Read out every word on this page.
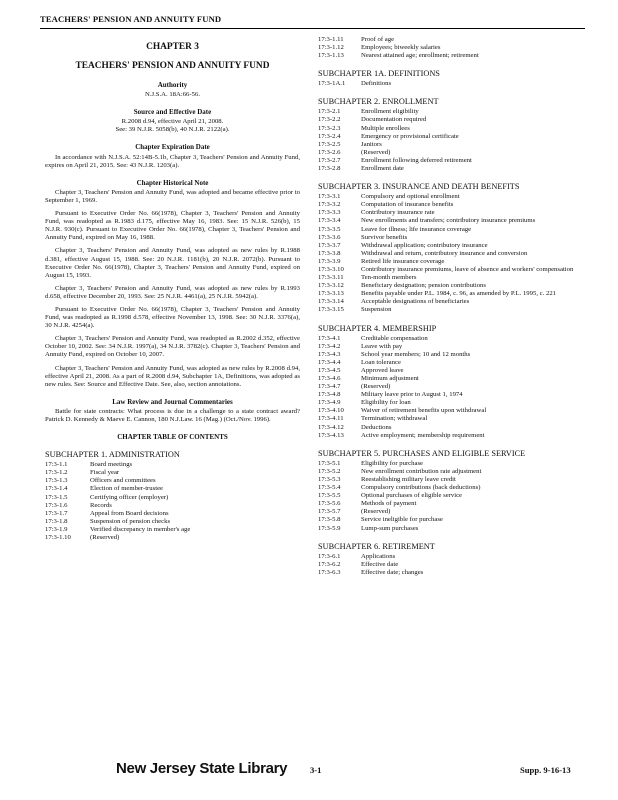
TEACHERS' PENSION AND ANNUITY FUND
CHAPTER 3
TEACHERS' PENSION AND ANNUITY FUND
Authority
N.J.S.A. 18A:66-56.
Source and Effective Date
R.2008 d.94, effective April 21, 2008.
See: 39 N.J.R. 5058(b), 40 N.J.R. 2122(a).
Chapter Expiration Date
In accordance with N.J.S.A. 52:14B-5.1b, Chapter 3, Teachers' Pension and Annuity Fund, expires on April 21, 2015. See: 43 N.J.R. 1203(a).
Chapter Historical Note
Chapter 3, Teachers' Pension and Annuity Fund, was adopted and became effective prior to September 1, 1969.
Pursuant to Executive Order No. 66(1978), Chapter 3, Teachers' Pension and Annuity Fund, was readopted as R.1983 d.175, effective May 16, 1983. See: 15 N.J.R. 526(b), 15 N.J.R. 930(c). Pursuant to Executive Order No. 66(1978), Chapter 3, Teachers' Pension and Annuity Fund, expired on May 16, 1988.
Chapter 3, Teachers' Pension and Annuity Fund, was adopted as new rules by R.1988 d.381, effective August 15, 1988. See: 20 N.J.R. 1181(b), 20 N.J.R. 2072(b). Pursuant to Executive Order No. 66(1978), Chapter 3, Teachers' Pension and Annuity Fund, expired on August 15, 1993.
Chapter 3, Teachers' Pension and Annuity Fund, was adopted as new rules by R.1993 d.658, effective December 20, 1993. See: 25 N.J.R. 4461(a), 25 N.J.R. 5942(a).
Pursuant to Executive Order No. 66(1978), Chapter 3, Teachers' Pension and Annuity Fund, was readopted as R.1998 d.578, effective November 13, 1998. See: 30 N.J.R. 3376(a), 30 N.J.R. 4254(a).
Chapter 3, Teachers' Pension and Annuity Fund, was readopted as R.2002 d.352, effective October 10, 2002. See: 34 N.J.R. 1997(a), 34 N.J.R. 3782(c). Chapter 3, Teachers' Pension and Annuity Fund, expired on October 10, 2007.
Chapter 3, Teachers' Pension and Annuity Fund, was adopted as new rules by R.2008 d.94, effective April 21, 2008. As a part of R.2008 d.94, Subchapter 1A, Definitions, was adopted as new rules. See: Source and Effective Date. See, also, section annotations.
Law Review and Journal Commentaries
Battle for state contracts: What process is due in a challenge to a state contract award? Patrick D. Kennedy & Maeve E. Cannon, 180 N.J.Law. 16 (Mag.) (Oct./Nov. 1996).
CHAPTER TABLE OF CONTENTS
SUBCHAPTER 1. ADMINISTRATION
17:3-1.1	Board meetings
17:3-1.2	Fiscal year
17:3-1.3	Officers and committees
17:3-1.4	Election of member-trustee
17:3-1.5	Certifying officer (employer)
17:3-1.6	Records
17:3-1.7	Appeal from Board decisions
17:3-1.8	Suspension of pension checks
17:3-1.9	Verified discrepancy in member's age
17:3-1.10	(Reserved)
17:3-1.11	Proof of age
17:3-1.12	Employees; biweekly salaries
17:3-1.13	Nearest attained age; enrollment; retirement
SUBCHAPTER 1A. DEFINITIONS
17:3-1A.1	Definitions
SUBCHAPTER 2. ENROLLMENT
17:3-2.1	Enrollment eligibility
17:3-2.2	Documentation required
17:3-2.3	Multiple enrollees
17:3-2.4	Emergency or provisional certificate
17:3-2.5	Janitors
17:3-2.6	(Reserved)
17:3-2.7	Enrollment following deferred retirement
17:3-2.8	Enrollment date
SUBCHAPTER 3. INSURANCE AND DEATH BENEFITS
17:3-3.1	Compulsory and optional enrollment
17:3-3.2	Computation of insurance benefits
17:3-3.3	Contributory insurance rate
17:3-3.4	New enrollments and transfers; contributory insurance premiums
17:3-3.5	Leave for illness; life insurance coverage
17:3-3.6	Survivor benefits
17:3-3.7	Withdrawal application; contributory insurance
17:3-3.8	Withdrawal and return, contributory insurance and conversion
17:3-3.9	Retired life insurance coverage
17:3-3.10	Contributory insurance premiums, leave of absence and workers' compensation
17:3-3.11	Ten-month members
17:3-3.12	Beneficiary designation; pension contributions
17:3-3.13	Benefits payable under P.L. 1984, c. 96, as amended by P.L. 1995, c. 221
17:3-3.14	Acceptable designations of beneficiaries
17:3-3.15	Suspension
SUBCHAPTER 4. MEMBERSHIP
17:3-4.1	Creditable compensation
17:3-4.2	Leave with pay
17:3-4.3	School year members; 10 and 12 months
17:3-4.4	Loan tolerance
17:3-4.5	Approved leave
17:3-4.6	Minimum adjustment
17:3-4.7	(Reserved)
17:3-4.8	Military leave prior to August 1, 1974
17:3-4.9	Eligibility for loan
17:3-4.10	Waiver of retirement benefits upon withdrawal
17:3-4.11	Termination; withdrawal
17:3-4.12	Deductions
17:3-4.13	Active employment; membership requirement
SUBCHAPTER 5. PURCHASES AND ELIGIBLE SERVICE
17:3-5.1	Eligibility for purchase
17:3-5.2	New enrollment contribution rate adjustment
17:3-5.3	Reestablishing military leave credit
17:3-5.4	Compulsory contributions (back deductions)
17:3-5.5	Optional purchases of eligible service
17:3-5.6	Methods of payment
17:3-5.7	(Reserved)
17:3-5.8	Service ineligible for purchase
17:3-5.9	Lump-sum purchases
SUBCHAPTER 6. RETIREMENT
17:3-6.1	Applications
17:3-6.2	Effective date
17:3-6.3	Effective date; changes
New Jersey State Library	3-1	Supp. 9-16-13
